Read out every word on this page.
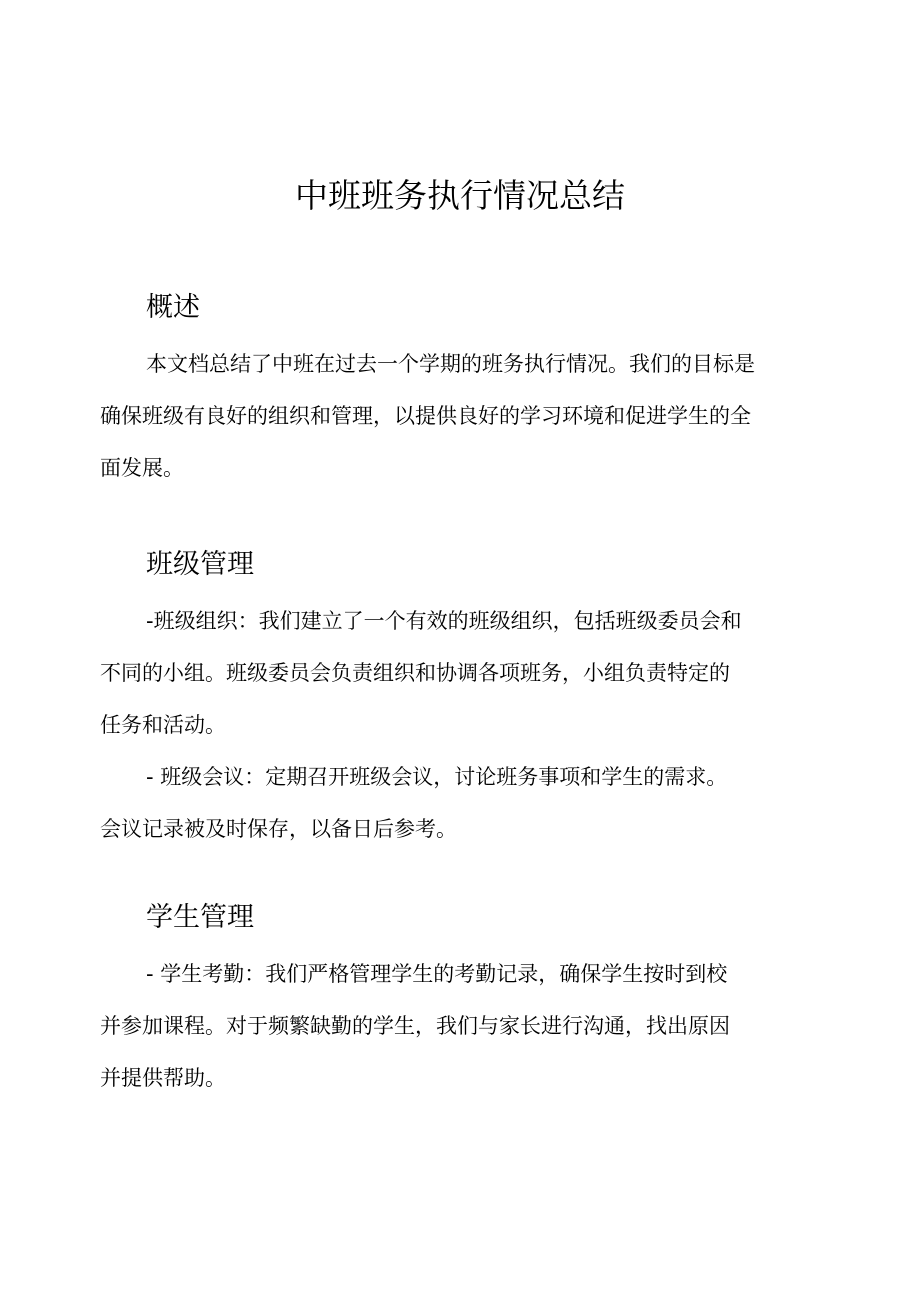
中班班务执行情况总结
概述

本文档总结了中班在过去一个学期的班务执行情况。我们的目标是
确保班级有良好的组织和管理，以提供良好的学习环境和促进学生的全
面发展。

班级管理

-班级组织：我们建立了一个有效的班级组织，包括班级委员会和
不同的小组。班级委员会负责组织和协调各项班务，小组负责特定的
任务和活动。

- 班级会议：定期召开班级会议，讨论班务事项和学生的需求。
会议记录被及时保存，以备日后参考。

学生管理

- 学生考勤：我们严格管理学生的考勤记录，确保学生按时到校
并参加课程。对于频繁缺勤的学生，我们与家长进行沟通，找出原因
并提供帮助。
